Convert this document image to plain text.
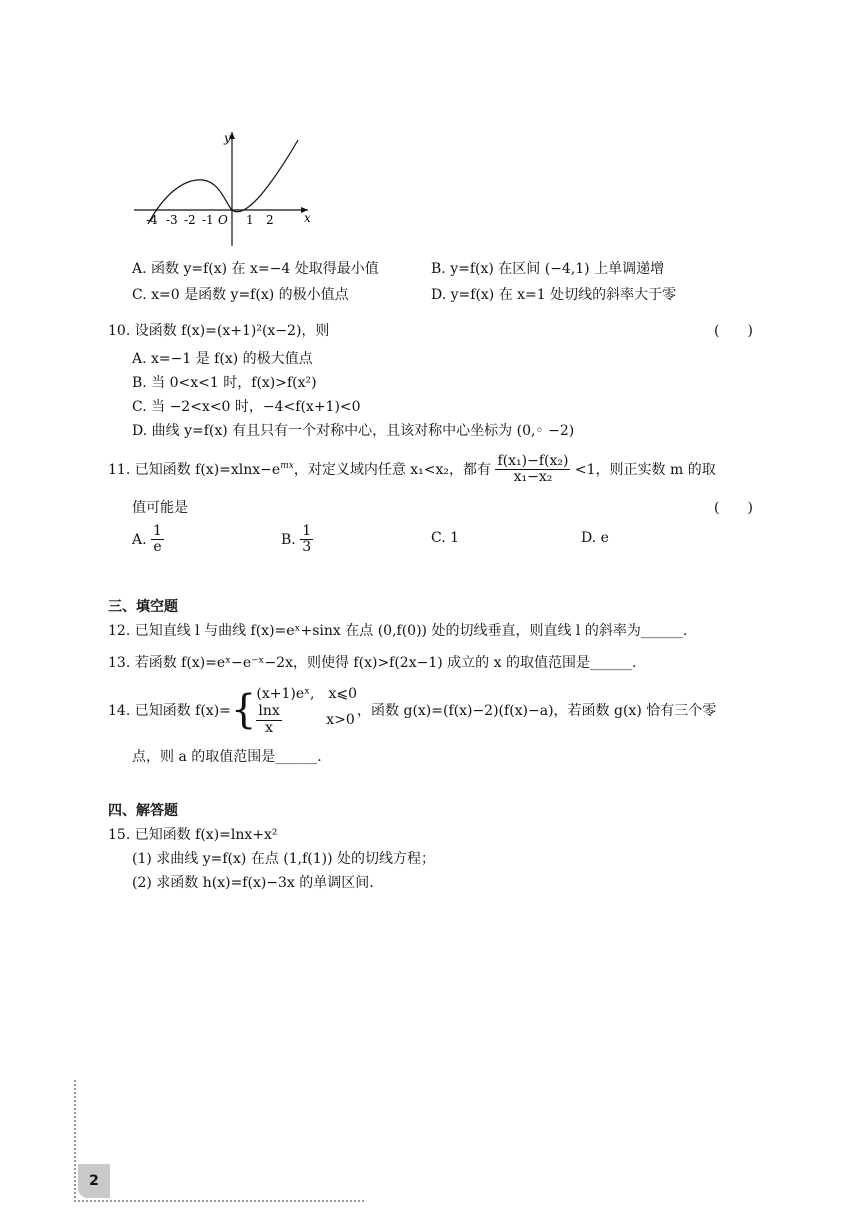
y
x
O
-4 -3 -2 -1	1 2
A. 函数 y=f(x) 在 x=−4 处取得最小值	B. y=f(x) 在区间 (−4,1) 上单调递增
C. x=0 是函数 y=f(x) 的极小值点	D. y=f(x) 在 x=1 处切线的斜率大于零
10. 设函数 f(x)=(x+1)²(x−2)，则	(　　)
A. x=−1 是 f(x) 的极大值点
B. 当 0<x<1 时，f(x)>f(x²)
C. 当 −2<x<0 时，−4<f(x+1)<0
D. 曲线 y=f(x) 有且只有一个对称中心，且该对称中心坐标为 (0,◦ −2)
11. 已知函数 $f(x)=xlnx-e^{mx}$，对定义域内任意 x₁<x₂，都有 $\frac{\text{f(x₁)−f(x₂)}}{\text{x₁−x₂}} <1$，则正实数 m 的取
值可能是	(　　)
A. $\frac{1}{e}$	B. $\frac{1}{3}$	C. 1	D. e
三、填空题
12. 已知直线 l 与曲线 f(x)=eˣ+sinx 在点 (0,f(0)) 处的切线垂直，则直线 l 的斜率为______.
13. 若函数 f(x)=eˣ−e⁻ˣ−2x，则使得 f(x)>f(2x−1) 成立的 x 的取值范围是______.
14. 已知函数 f(x)= { (x+1)eˣ,　x⩽0
$\frac{\ln x}{x}$	x>0
，函数 g(x)=(f(x)−2)(f(x)−a)，若函数 g(x) 恰有三个零
点，则 a 的取值范围是______.
四、解答题
15. 已知函数 f(x)=lnx+x²
(1) 求曲线 y=f(x) 在点 (1,f(1)) 处的切线方程；
(2) 求函数 h(x)=f(x)−3x 的单调区间.
2
